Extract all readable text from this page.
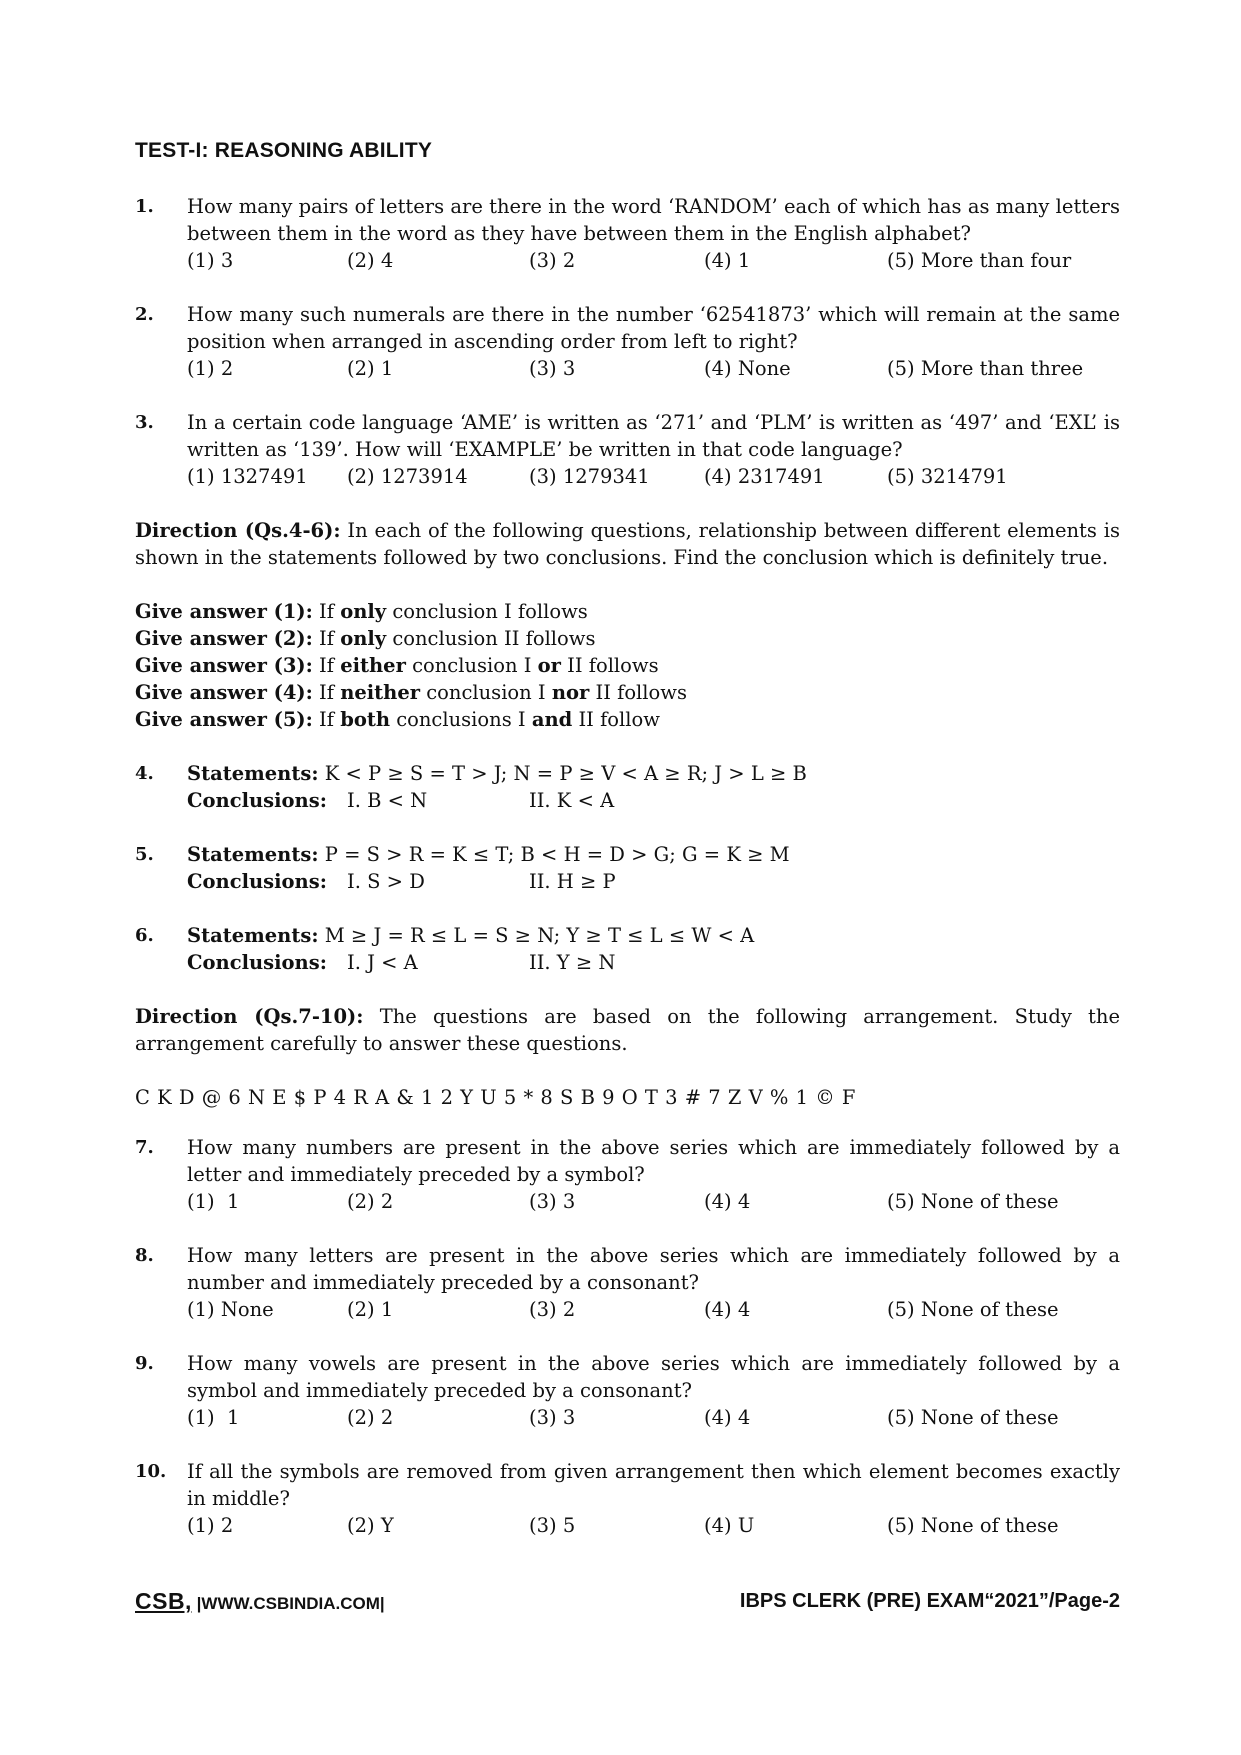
TEST-I: REASONING ABILITY
1.	How many pairs of letters are there in the word ‘RANDOM’ each of which has as many letters between them in the word as they have between them in the English alphabet?
(1) 3	(2) 4	(3) 2	(4) 1	(5) More than four
2.	How many such numerals are there in the number ‘62541873’ which will remain at the same position when arranged in ascending order from left to right?
(1) 2	(2) 1	(3) 3	(4) None	(5) More than three
3.	In a certain code language ‘AME’ is written as ‘271’ and ‘PLM’ is written as ‘497’ and ‘EXL’ is written as ‘139’. How will ‘EXAMPLE’ be written in that code language?
(1) 1327491	(2) 1273914	(3) 1279341	(4) 2317491	(5) 3214791
Direction (Qs.4-6): In each of the following questions, relationship between different elements is shown in the statements followed by two conclusions. Find the conclusion which is definitely true.
Give answer (1): If only conclusion I follows
Give answer (2): If only conclusion II follows
Give answer (3): If either conclusion I or II follows
Give answer (4): If neither conclusion I nor II follows
Give answer (5): If both conclusions I and II follow
4.	Statements: K < P ≥ S = T > J; N = P ≥ V < A ≥ R; J > L ≥ B
Conclusions:	I. B < N	II. K < A
5.	Statements: P = S > R = K ≤ T; B < H = D > G; G = K ≥ M
Conclusions:	I. S > D	II. H ≥ P
6.	Statements: M ≥ J = R ≤ L = S ≥ N; Y ≥ T ≤ L ≤ W < A
Conclusions:	I. J < A	II. Y ≥ N
Direction (Qs.7-10): The questions are based on the following arrangement. Study the arrangement carefully to answer these questions.
C K D @ 6 N E $ P 4 R A & 1 2 Y U 5 * 8 S B 9 O T 3 # 7 Z V % 1 © F
7.	How many numbers are present in the above series which are immediately followed by a letter and immediately preceded by a symbol?
(1)  1	(2) 2	(3) 3	(4) 4	(5) None of these
8.	How many letters are present in the above series which are immediately followed by a number and immediately preceded by a consonant?
(1) None	(2) 1	(3) 2	(4) 4	(5) None of these
9.	How many vowels are present in the above series which are immediately followed by a symbol and immediately preceded by a consonant?
(1)  1	(2) 2	(3) 3	(4) 4	(5) None of these
10.	If all the symbols are removed from given arrangement then which element becomes exactly in middle?
(1) 2	(2) Y	(3) 5	(4) U	(5) None of these
CSB, |WWW.CSBINDIA.COM|	IBPS CLERK (PRE) EXAM“2021”/Page-2
